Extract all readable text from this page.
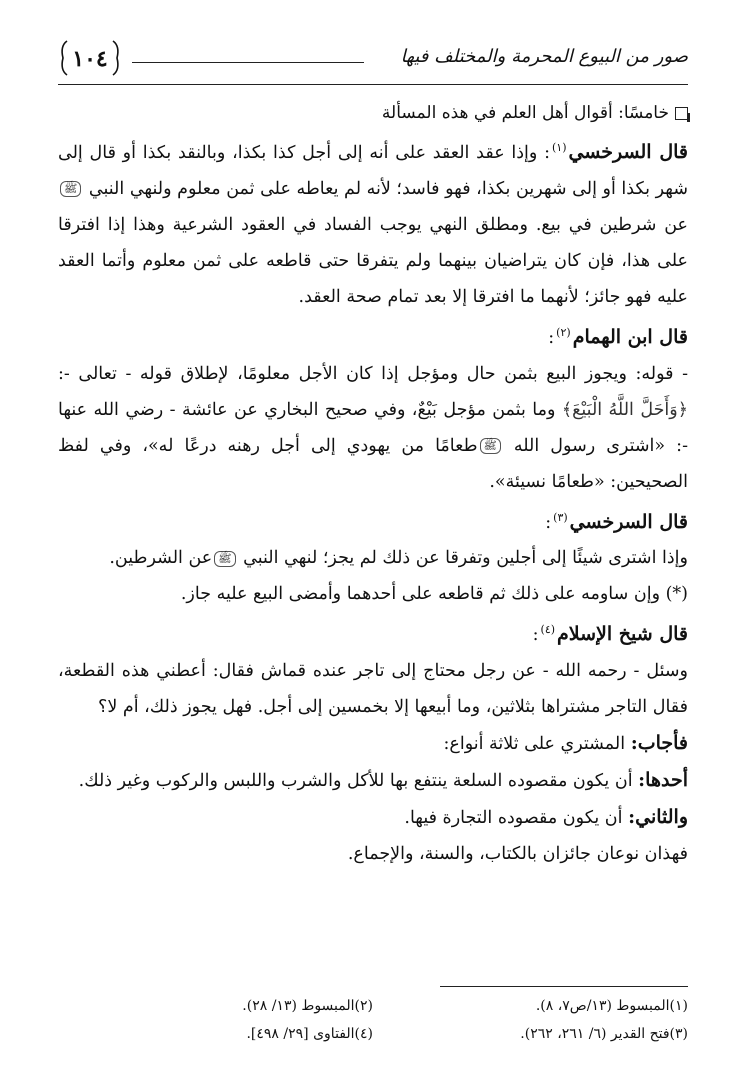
١٠٤	صور من البيوع المحرمة والمختلف فيها

خامسًا: أقوال أهل العلم في هذه المسألة

قال السرخسي$^{(١)}$: وإذا عقد العقد على أنه إلى أجل كذا بكذا، وبالنقد بكذا أو قال إلى شهر بكذا أو إلى شهرين بكذا، فهو فاسد؛ لأنه لم يعاطه على ثمن معلوم ولنهي النبي ﷺعن شرطين في بيع. ومطلق النهي يوجب الفساد في العقود الشرعية وهذا إذا افترقا على هذا، فإن كان يتراضيان بينهما ولم يتفرقا حتى قاطعه على ثمن معلوم وأتما العقد عليه فهو جائز؛ لأنهما ما افترقا إلا بعد تمام صحة العقد.

قال ابن الهمام$^{(٢)}$:

- قوله: ويجوز البيع بثمن حال ومؤجل إذا كان الأجل معلومًا، لإطلاق قوله - تعالى -: ﴿وَأَحَلَّ اللَّهُ الْبَيْعَ﴾ وما بثمن مؤجل بَيْعٌ، وفي صحيح البخاري عن عائشة - رضي الله عنها -: «اشترى رسول الله ﷺطعامًا من يهودي إلى أجل رهنه درعًا له»، وفي لفظ الصحيحين: «طعامًا نسيئة».

قال السرخسي$^{(٣)}$:

وإذا اشترى شيئًا إلى أجلين وتفرقا عن ذلك لم يجز؛ لنهي النبي ﷺعن الشرطين.

(*) وإن ساومه على ذلك ثم قاطعه على أحدهما وأمضى البيع عليه جاز.

قال شيخ الإسلام$^{(٤)}$:

وسئل - رحمه الله - عن رجل محتاج إلى تاجر عنده قماش فقال: أعطني هذه القطعة، فقال التاجر مشتراها بثلاثين، وما أبيعها إلا بخمسين إلى أجل. فهل يجوز ذلك، أم لا؟

فأجاب: المشتري على ثلاثة أنواع:

أحدها: أن يكون مقصوده السلعة ينتفع بها للأكل والشرب واللبس والركوب وغير ذلك.

والثاني: أن يكون مقصوده التجارة فيها.

فهذان نوعان جائزان بالكتاب، والسنة، والإجماع.

(١)المبسوط (١٣/ص٧، ٨).
(٢)المبسوط (١٣/ ٢٨).
(٣)فتح القدير (٦/ ٢٦١، ٢٦٢).
(٤)الفتاوى [٢٩/ ٤٩٨].
